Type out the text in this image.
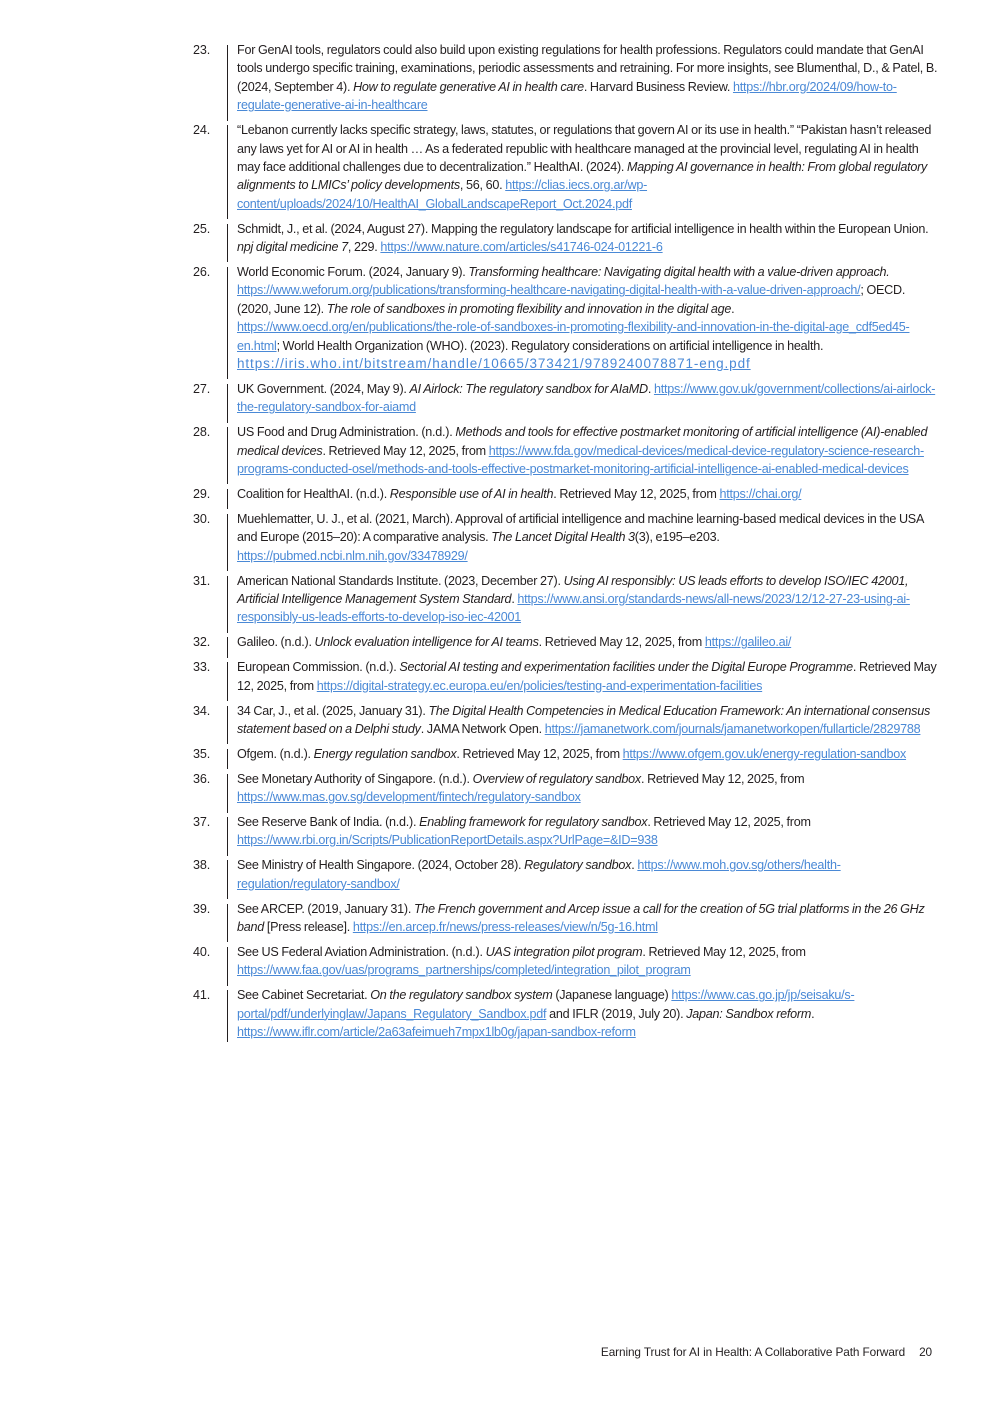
23.	For GenAI tools, regulators could also build upon existing regulations for health professions. Regulators could mandate that GenAI tools undergo specific training, examinations, periodic assessments and retraining. For more insights, see Blumenthal, D., & Patel, B. (2024, September 4). How to regulate generative AI in health care. Harvard Business Review. https://hbr.org/2024/09/how-to-regulate-generative-ai-in-healthcare
24.	“Lebanon currently lacks specific strategy, laws, statutes, or regulations that govern AI or its use in health.” “Pakistan hasn’t released any laws yet for AI or AI in health … As a federated republic with healthcare managed at the provincial level, regulating AI in health may face additional challenges due to decentralization.” HealthAI. (2024). Mapping AI governance in health: From global regulatory alignments to LMICs’ policy developments, 56, 60. https://clias.iecs.org.ar/wp-content/uploads/2024/10/HealthAI_GlobalLandscapeReport_Oct.2024.pdf
25.	Schmidt, J., et al. (2024, August 27). Mapping the regulatory landscape for artificial intelligence in health within the European Union. npj digital medicine 7, 229. https://www.nature.com/articles/s41746-024-01221-6
26.	World Economic Forum. (2024, January 9). Transforming healthcare: Navigating digital health with a value-driven approach. https://www.weforum.org/publications/transforming-healthcare-navigating-digital-health-with-a-value-driven-approach/; OECD. (2020, June 12). The role of sandboxes in promoting flexibility and innovation in the digital age. https://www.oecd.org/en/publications/the-role-of-sandboxes-in-promoting-flexibility-and-innovation-in-the-digital-age_cdf5ed45-en.html; World Health Organization (WHO). (2023). Regulatory considerations on artificial intelligence in health. https://iris.who.int/bitstream/handle/10665/373421/9789240078871-eng.pdf
27.	UK Government. (2024, May 9). AI Airlock: The regulatory sandbox for AIaMD. https://www.gov.uk/government/collections/ai-airlock-the-regulatory-sandbox-for-aiamd
28.	US Food and Drug Administration. (n.d.). Methods and tools for effective postmarket monitoring of artificial intelligence (AI)-enabled medical devices. Retrieved May 12, 2025, from https://www.fda.gov/medical-devices/medical-device-regulatory-science-research-programs-conducted-osel/methods-and-tools-effective-postmarket-monitoring-artificial-intelligence-ai-enabled-medical-devices
29.	Coalition for HealthAI. (n.d.). Responsible use of AI in health. Retrieved May 12, 2025, from https://chai.org/
30.	Muehlematter, U. J., et al. (2021, March). Approval of artificial intelligence and machine learning-based medical devices in the USA and Europe (2015–20): A comparative analysis. The Lancet Digital Health 3(3), e195–e203. https://pubmed.ncbi.nlm.nih.gov/33478929/
31.	American National Standards Institute. (2023, December 27). Using AI responsibly: US leads efforts to develop ISO/IEC 42001, Artificial Intelligence Management System Standard. https://www.ansi.org/standards-news/all-news/2023/12/12-27-23-using-ai-responsibly-us-leads-efforts-to-develop-iso-iec-42001
32.	Galileo. (n.d.). Unlock evaluation intelligence for AI teams. Retrieved May 12, 2025, from https://galileo.ai/
33.	European Commission. (n.d.). Sectorial AI testing and experimentation facilities under the Digital Europe Programme. Retrieved May 12, 2025, from https://digital-strategy.ec.europa.eu/en/policies/testing-and-experimentation-facilities
34.	34 Car, J., et al. (2025, January 31). The Digital Health Competencies in Medical Education Framework: An international consensus statement based on a Delphi study. JAMA Network Open. https://jamanetwork.com/journals/jamanetworkopen/fullarticle/2829788
35.	Ofgem. (n.d.). Energy regulation sandbox. Retrieved May 12, 2025, from https://www.ofgem.gov.uk/energy-regulation-sandbox
36.	See Monetary Authority of Singapore. (n.d.). Overview of regulatory sandbox. Retrieved May 12, 2025, from https://www.mas.gov.sg/development/fintech/regulatory-sandbox
37.	See Reserve Bank of India. (n.d.). Enabling framework for regulatory sandbox. Retrieved May 12, 2025, from https://www.rbi.org.in/Scripts/PublicationReportDetails.aspx?UrlPage=&ID=938
38.	See Ministry of Health Singapore. (2024, October 28). Regulatory sandbox. https://www.moh.gov.sg/others/health-regulation/regulatory-sandbox/
39.	See ARCEP. (2019, January 31). The French government and Arcep issue a call for the creation of 5G trial platforms in the 26 GHz band [Press release]. https://en.arcep.fr/news/press-releases/view/n/5g-16.html
40.	See US Federal Aviation Administration. (n.d.). UAS integration pilot program. Retrieved May 12, 2025, from https://www.faa.gov/uas/programs_partnerships/completed/integration_pilot_program
41.	See Cabinet Secretariat. On the regulatory sandbox system (Japanese language) https://www.cas.go.jp/jp/seisaku/s-portal/pdf/underlyinglaw/Japans_Regulatory_Sandbox.pdf and IFLR (2019, July 20). Japan: Sandbox reform. https://www.iflr.com/article/2a63afeimueh7mpx1lb0g/japan-sandbox-reform
Earning Trust for AI in Health: A Collaborative Path Forward 20
